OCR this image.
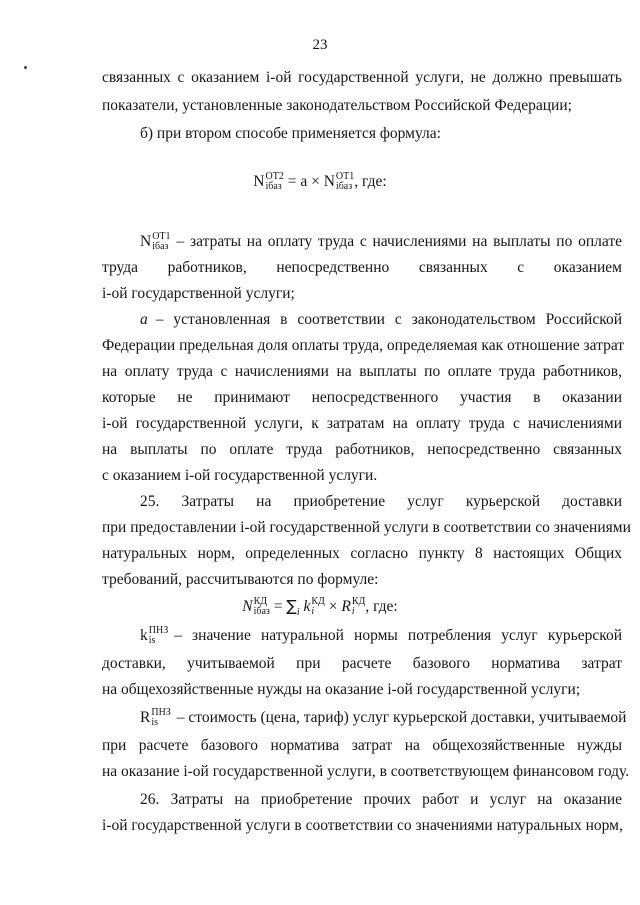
23
связанных с оказанием i-ой государственной услуги, не должно превышать
показатели, установленные законодательством Российской Федерации;
б) при втором способе применяется формула:
N ОТ2
iбаз = a × N ОТ1
iбаз , где:
N ОТ1
iбаз – затраты на оплату труда с начислениями на выплаты по оплате
труда работников, непосредственно связанных с оказанием
i-ой государственной услуги;
a – установленная в соответствии с законодательством Российской
Федерации предельная доля оплаты труда, определяемая как отношение затрат
на оплату труда с начислениями на выплаты по оплате труда работников,
которые не принимают непосредственного участия в оказании
i-ой государственной услуги, к затратам на оплату труда с начислениями
на выплаты по оплате труда работников, непосредственно связанных
с оказанием i-ой государственной услуги.
25. Затраты на приобретение услуг курьерской доставки
при предоставлении i-ой государственной услуги в соответствии со значениями
натуральных норм, определенных согласно пункту 8 настоящих Общих
требований, рассчитываются по формуле:
N КД
iбаз = $\sum_i$ k КД
i × R КД
i , где:
k ПНЗ
is	– значение натуральной нормы потребления услуг курьерской
доставки, учитываемой при расчете базового норматива затрат
на общехозяйственные нужды на оказание i-ой государственной услуги;
R ПНЗ
is	– стоимость (цена, тариф) услуг курьерской доставки, учитываемой
при расчете базового норматива затрат на общехозяйственные нужды
на оказание i-ой государственной услуги, в соответствующем финансовом году.
26. Затраты на приобретение прочих работ и услуг на оказание
i-ой государственной услуги в соответствии со значениями натуральных норм,
